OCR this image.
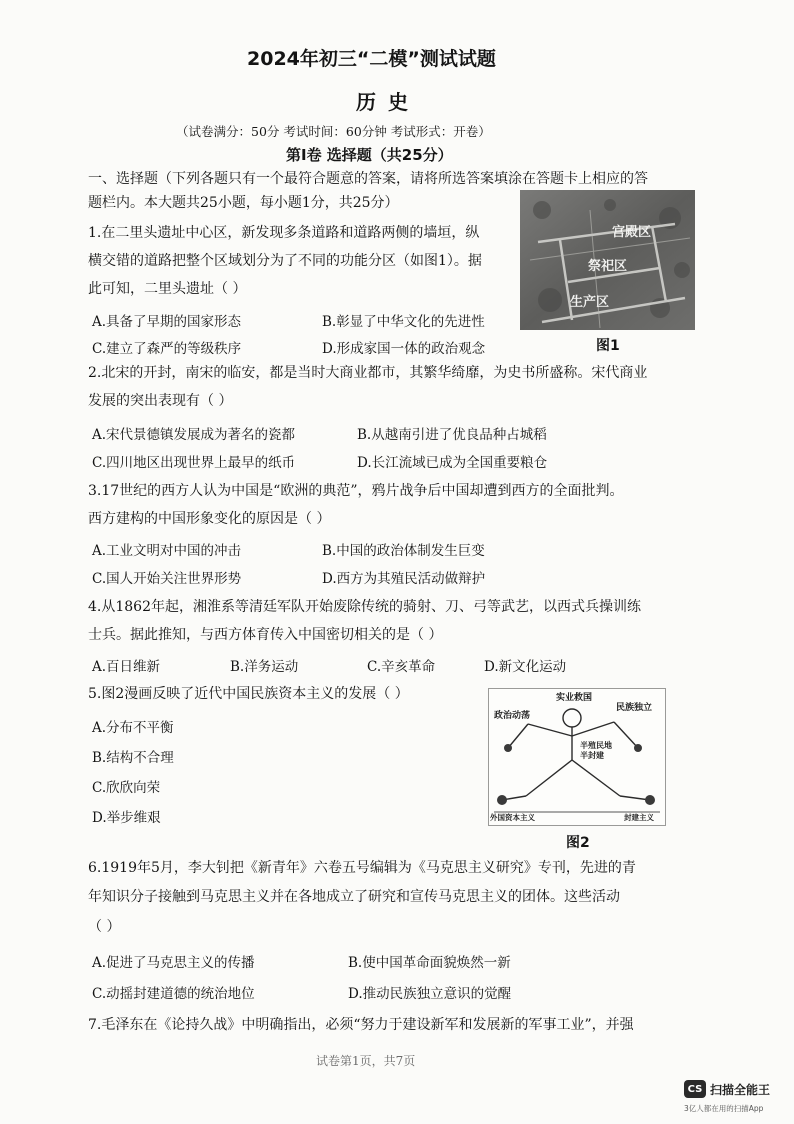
2024年初三“二模”测试试题
历史
（试卷满分：50分 考试时间：60分钟 考试形式：开卷）
第Ⅰ卷 选择题（共25分）
一、选择题（下列各题只有一个最符合题意的答案，请将所选答案填涂在答题卡上相应的答
题栏内。本大题共25小题，每小题1分，共25分）
1.在二里头遗址中心区，新发现多条道路和道路两侧的墙垣，纵
横交错的道路把整个区域划分为了不同的功能分区（如图1）。据
此可知，二里头遗址（ ）
A.具备了早期的国家形态	B.彰显了中华文化的先进性
C.建立了森严的等级秩序	D.形成家国一体的政治观念
宫殿区
祭祀区
生产区
图1
2.北宋的开封，南宋的临安，都是当时大商业都市，其繁华绮靡，为史书所盛称。宋代商业
发展的突出表现有（ ）
A.宋代景德镇发展成为著名的瓷都	B.从越南引进了优良品种占城稻
C.四川地区出现世界上最早的纸币	D.长江流域已成为全国重要粮仓
3.17世纪的西方人认为中国是“欧洲的典范”，鸦片战争后中国却遭到西方的全面批判。
西方建构的中国形象变化的原因是（ ）
A.工业文明对中国的冲击	B.中国的政治体制发生巨变
C.国人开始关注世界形势	D.西方为其殖民活动做辩护
4.从1862年起，湘淮系等清廷军队开始废除传统的骑射、刀、弓等武艺，以西式兵操训练
士兵。据此推知，与西方体育传入中国密切相关的是（ ）
A.百日维新	B.洋务运动	C.辛亥革命	D.新文化运动
5.图2漫画反映了近代中国民族资本主义的发展（ ）
A.分布不平衡
B.结构不合理
C.欣欣向荣
D.举步维艰
实业救国
民族独立
政治动荡
半殖民地
半封建
外国资本主义	封建主义
图2
6.1919年5月，李大钊把《新青年》六卷五号编辑为《马克思主义研究》专刊，先进的青
年知识分子接触到马克思主义并在各地成立了研究和宣传马克思主义的团体。这些活动
（ ）
A.促进了马克思主义的传播	B.使中国革命面貌焕然一新
C.动摇封建道德的统治地位	D.推动民族独立意识的觉醒
7.毛泽东在《论持久战》中明确指出，必须“努力于建设新军和发展新的军事工业”，并强
试卷第1页，共7页
CS 扫描全能王
3亿人都在用的扫描App
